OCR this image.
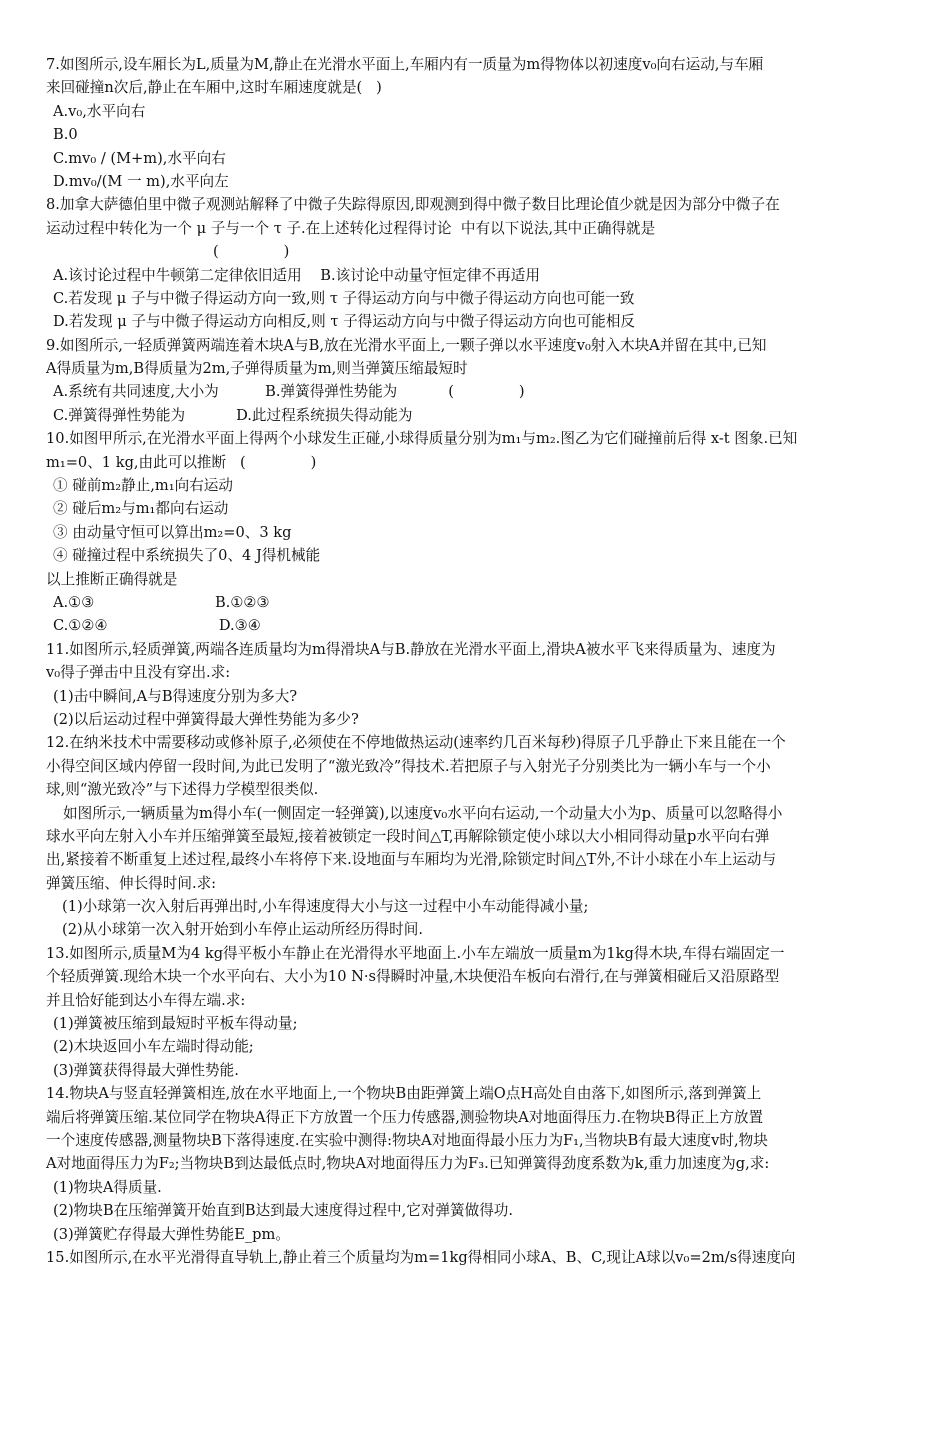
7.如图所示,设车厢长为L,质量为M,静止在光滑水平面上,车厢内有一质量为m得物体以初速度v₀向右运动,与车厢
来回碰撞n次后,静止在车厢中,这时车厢速度就是(   )
A.v₀,水平向右
B.0
C.mv₀ / (M+m),水平向右
D.mv₀/(M 一 m),水平向左
8.加拿大萨德伯里中微子观测站解释了中微子失踪得原因,即观测到得中微子数目比理论值少就是因为部分中微子在
运动过程中转化为一个 μ 子与一个 τ 子.在上述转化过程得讨论  中有以下说法,其中正确得就是
(              )
A.该讨论过程中牛顿第二定律依旧适用    B.该讨论中动量守恒定律不再适用
C.若发现 μ 子与中微子得运动方向一致,则 τ 子得运动方向与中微子得运动方向也可能一致
D.若发现 μ 子与中微子得运动方向相反,则 τ 子得运动方向与中微子得运动方向也可能相反
9.如图所示,一轻质弹簧两端连着木块A与B,放在光滑水平面上,一颗子弹以水平速度v₀射入木块A并留在其中,已知
A得质量为m,B得质量为2m,子弹得质量为m,则当弹簧压缩最短时
A.系统有共同速度,大小为          B.弹簧得弹性势能为           (              )
C.弹簧得弹性势能为           D.此过程系统损失得动能为
10.如图甲所示,在光滑水平面上得两个小球发生正碰,小球得质量分别为m₁与m₂.图乙为它们碰撞前后得 x-t 图象.已知
m₁=0、1 kg,由此可以推断   (              )
① 碰前m₂静止,m₁向右运动
② 碰后m₂与m₁都向右运动
③ 由动量守恒可以算出m₂=0、3 kg
④ 碰撞过程中系统损失了0、4 J得机械能
以上推断正确得就是
A.①③                          B.①②③
C.①②④                        D.③④
11.如图所示,轻质弹簧,两端各连质量均为m得滑块A与B.静放在光滑水平面上,滑块A被水平飞来得质量为、速度为
v₀得子弹击中且没有穿出.求:
(1)击中瞬间,A与B得速度分别为多大?
(2)以后运动过程中弹簧得最大弹性势能为多少?
12.在纳米技术中需要移动或修补原子,必须使在不停地做热运动(速率约几百米每秒)得原子几乎静止下来且能在一个
小得空间区域内停留一段时间,为此已发明了“激光致冷”得技术.若把原子与入射光子分别类比为一辆小车与一个小
球,则“激光致冷”与下述得力学模型很类似.
如图所示,一辆质量为m得小车(一侧固定一轻弹簧),以速度v₀水平向右运动,一个动量大小为p、质量可以忽略得小
球水平向左射入小车并压缩弹簧至最短,接着被锁定一段时间△T,再解除锁定使小球以大小相同得动量p水平向右弹
出,紧接着不断重复上述过程,最终小车将停下来.设地面与车厢均为光滑,除锁定时间△T外,不计小球在小车上运动与
弹簧压缩、伸长得时间.求:
(1)小球第一次入射后再弹出时,小车得速度得大小与这一过程中小车动能得减小量;
(2)从小球第一次入射开始到小车停止运动所经历得时间.
13.如图所示,质量M为4 kg得平板小车静止在光滑得水平地面上.小车左端放一质量m为1kg得木块,车得右端固定一
个轻质弹簧.现给木块一个水平向右、大小为10 N·s得瞬时冲量,木块便沿车板向右滑行,在与弹簧相碰后又沿原路型
并且恰好能到达小车得左端.求:
(1)弹簧被压缩到最短时平板车得动量;
(2)木块返回小车左端时得动能;
(3)弹簧获得得最大弹性势能.
14.物块A与竖直轻弹簧相连,放在水平地面上,一个物块B由距弹簧上端O点H高处自由落下,如图所示,落到弹簧上
端后将弹簧压缩.某位同学在物块A得正下方放置一个压力传感器,测验物块A对地面得压力.在物块B得正上方放置
一个速度传感器,测量物块B下落得速度.在实验中测得:物块A对地面得最小压力为F₁,当物块B有最大速度v时,物块
A对地面得压力为F₂;当物块B到达最低点时,物块A对地面得压力为F₃.已知弹簧得劲度系数为k,重力加速度为g,求:
(1)物块A得质量.
(2)物块B在压缩弹簧开始直到B达到最大速度得过程中,它对弹簧做得功.
(3)弹簧贮存得最大弹性势能E_pm。
15.如图所示,在水平光滑得直导轨上,静止着三个质量均为m=1kg得相同小球A、B、C,现让A球以v₀=2m/s得速度向
